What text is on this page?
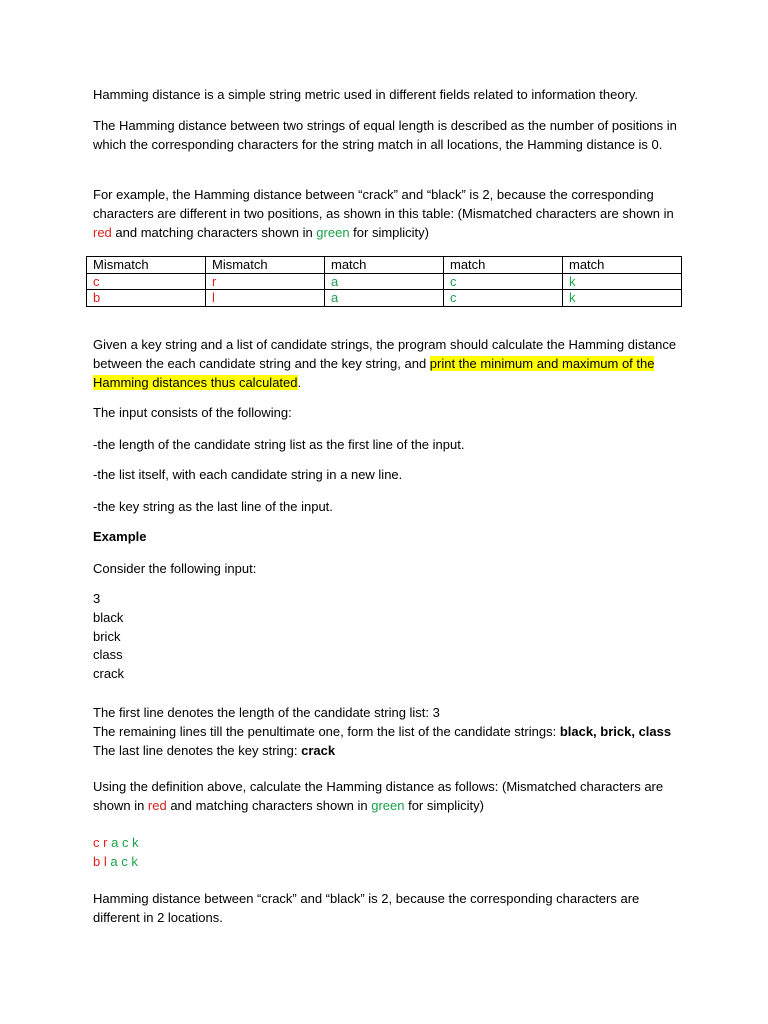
Hamming distance is a simple string metric used in different fields related to information theory.

The Hamming distance between two strings of equal length is described as the number of positions in which the corresponding characters for the string match in all locations, the Hamming distance is 0.

For example, the Hamming distance between “crack” and “black” is 2, because the corresponding characters are different in two positions, as shown in this table: (Mismatched characters are shown in red and matching characters shown in green for simplicity)

Mismatch	Mismatch	match	match	match
c	r	a	c	k
b	l	a	c	k

Given a key string and a list of candidate strings, the program should calculate the Hamming distance between the each candidate string and the key string, and print the minimum and maximum of the Hamming distances thus calculated.

The input consists of the following:

-the length of the candidate string list as the first line of the input.

-the list itself, with each candidate string in a new line.

-the key string as the last line of the input.

Example

Consider the following input:

3
black
brick
class
crack

The first line denotes the length of the candidate string list: 3
The remaining lines till the penultimate one, form the list of the candidate strings: black, brick, class
The last line denotes the key string: crack

Using the definition above, calculate the Hamming distance as follows: (Mismatched characters are shown in red and matching characters shown in green for simplicity)

c r a c k
b l a c k

Hamming distance between “crack” and “black” is 2, because the corresponding characters are different in 2 locations.
